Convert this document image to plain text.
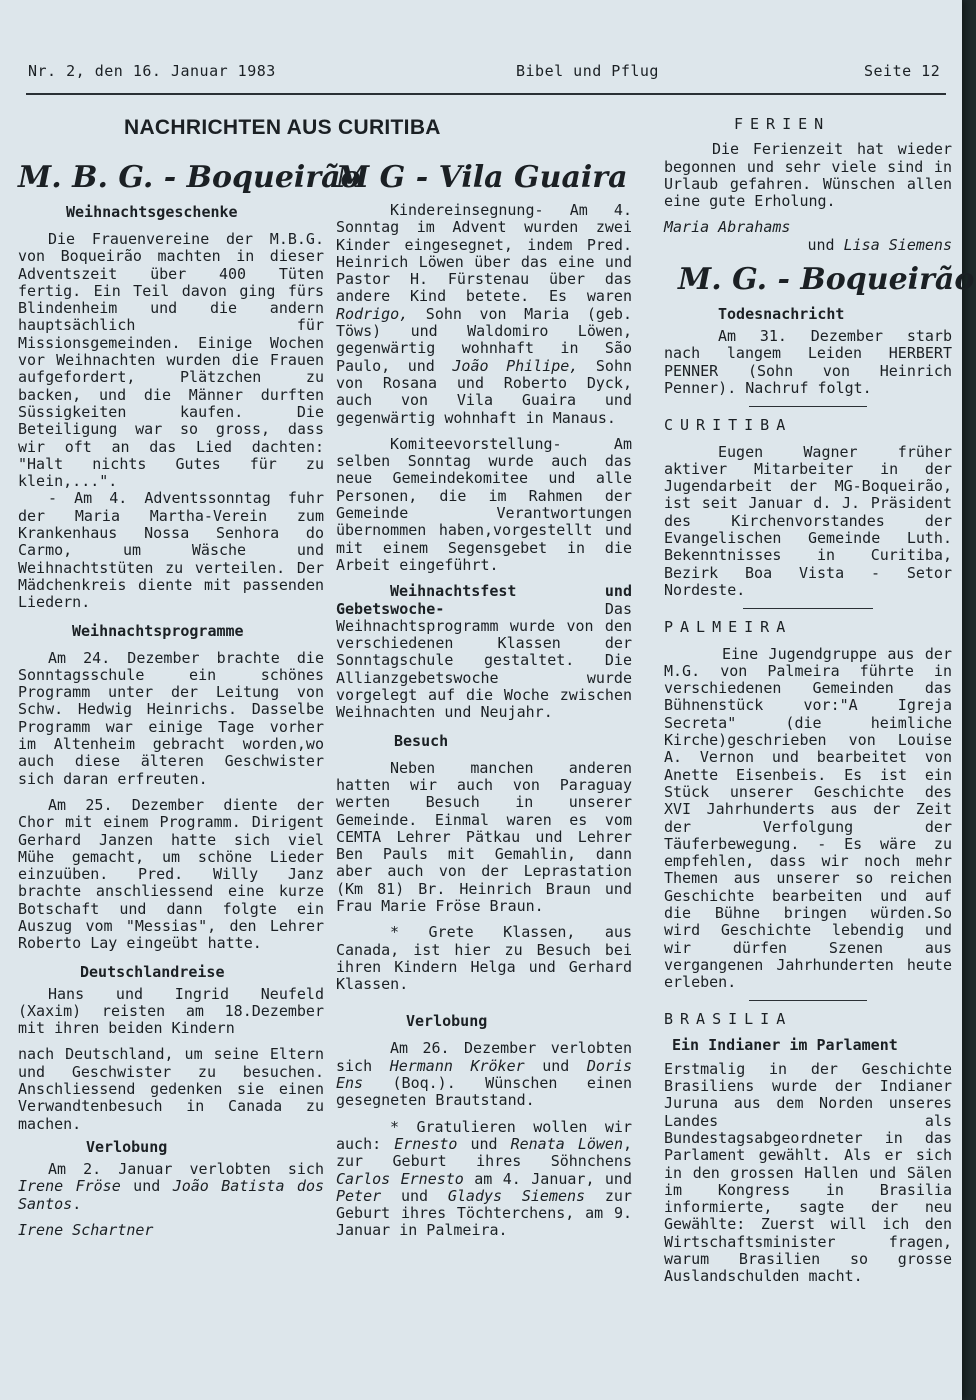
Nr. 2, den 16. Januar 1983	Bibel und Pflug	Seite 12
NACHRICHTEN AUS CURITIBA
M. B. G. - Boqueirão

Weihnachtsgeschenke

Die Frauenvereine der M.B.G. von Boqueirão machten in dieser Adventszeit über 400 Tüten fertig. Ein Teil davon ging fürs Blindenheim und die andern hauptsächlich für Missionsgemeinden. Einige Wochen vor Weihnachten wurden die Frauen aufgefordert, Plätzchen zu backen, und die Männer durften Süssigkeiten kaufen. Die Beteiligung war so gross, dass wir oft an das Lied dachten: "Halt nichts Gutes für zu klein,...".

- Am 4. Adventssonntag fuhr der Maria Martha-Verein zum Krankenhaus Nossa Senhora do Carmo, um Wäsche und Weihnachtstüten zu verteilen. Der Mädchenkreis diente mit passenden Liedern.

Weihnachtsprogramme

Am 24. Dezember brachte die Sonntagsschule ein schönes Programm unter der Leitung von Schw. Hedwig Heinrichs. Dasselbe Programm war einige Tage vorher im Altenheim gebracht worden,wo auch diese älteren Geschwister sich daran erfreuten.

Am 25. Dezember diente der Chor mit einem Programm. Dirigent Gerhard Janzen hatte sich viel Mühe gemacht, um schöne Lieder einzuüben. Pred. Willy Janz brachte anschliessend eine kurze Botschaft und dann folgte ein Auszug vom "Messias", den Lehrer Roberto Lay eingeübt hatte.

Deutschlandreise

Hans und Ingrid Neufeld (Xaxim) reisten am 18.Dezember mit ihren beiden Kindern

nach Deutschland, um seine Eltern und Geschwister zu besuchen. Anschliessend gedenken sie einen Verwandtenbesuch in Canada zu machen.

Verlobung

Am 2. Januar verlobten sich Irene Fröse und João Batista dos Santos.

Irene Schartner

M G - Vila Guaira

Kindereinsegnung- Am 4. Sonntag im Advent wurden zwei Kinder eingesegnet, indem Pred. Heinrich Löwen über das eine und Pastor H. Fürstenau über das andere Kind betete. Es waren Rodrigo, Sohn von Maria (geb. Töws) und Waldomiro Löwen, gegenwärtig wohnhaft in São Paulo, und João Philipe, Sohn von Rosana und Roberto Dyck, auch von Vila Guaira und gegenwärtig wohnhaft in Manaus.

Komiteevorstellung- Am selben Sonntag wurde auch das neue Gemeindekomitee und alle Personen, die im Rahmen der Gemeinde Verantwortungen übernommen haben,vorgestellt und mit einem Segensgebet in die Arbeit eingeführt.

Weihnachtsfest und Gebetswoche- Das Weihnachtsprogramm wurde von den verschiedenen Klassen der Sonntagschule gestaltet. Die Allianzgebetswoche wurde vorgelegt auf die Woche zwischen Weihnachten und Neujahr.

Besuch

Neben manchen anderen hatten wir auch von Paraguay werten Besuch in unserer Gemeinde. Einmal waren es vom CEMTA Lehrer Pätkau und Lehrer Ben Pauls mit Gemahlin, dann aber auch von der Leprastation (Km 81) Br. Heinrich Braun und Frau Marie Fröse Braun.

* Grete Klassen, aus Canada, ist hier zu Besuch bei ihren Kindern Helga und Gerhard Klassen.

Verlobung

Am 26. Dezember verlobten sich Hermann Kröker und Doris Ens (Boq.). Wünschen einen gesegneten Brautstand.

* Gratulieren wollen wir auch: Ernesto und Renata Löwen, zur Geburt ihres Söhnchens Carlos Ernesto am 4. Januar, und Peter und Gladys Siemens zur Geburt ihres Töchterchens, am 9. Januar in Palmeira.

FERIEN

Die Ferienzeit hat wieder begonnen und sehr viele sind in Urlaub gefahren. Wünschen allen eine gute Erholung.

Maria Abrahams

und Lisa Siemens

M. G. - Boqueirão

Todesnachricht

Am 31. Dezember starb nach langem Leiden HERBERT PENNER (Sohn von Heinrich Penner). Nachruf folgt.

CURITIBA

Eugen Wagner früher aktiver Mitarbeiter in der Jugendarbeit der MG-Boqueirão, ist seit Januar d. J. Präsident des Kirchenvorstandes der Evangelischen Gemeinde Luth. Bekenntnisses in Curitiba, Bezirk Boa Vista - Setor Nordeste.

PALMEIRA

Eine Jugendgruppe aus der M.G. von Palmeira führte in verschiedenen Gemeinden das Bühnenstück vor:"A Igreja Secreta" (die heimliche Kirche)geschrieben von Louise A. Vernon und bearbeitet von Anette Eisenbeis. Es ist ein Stück unserer Geschichte des XVI Jahrhunderts aus der Zeit der Verfolgung der Täuferbewegung. - Es wäre zu empfehlen, dass wir noch mehr Themen aus unserer so reichen Geschichte bearbeiten und auf die Bühne bringen würden.So wird Geschichte lebendig und wir dürfen Szenen aus vergangenen Jahrhunderten heute erleben.

BRASILIA

Ein Indianer im Parlament

Erstmalig in der Geschichte Brasiliens wurde der Indianer Juruna aus dem Norden unseres Landes als Bundestagsabgeordneter in das Parlament gewählt. Als er sich in den grossen Hallen und Sälen im Kongress in Brasilia informierte, sagte der neu Gewählte: Zuerst will ich den Wirtschaftsminister fragen, warum Brasilien so grosse Auslandschulden macht.
